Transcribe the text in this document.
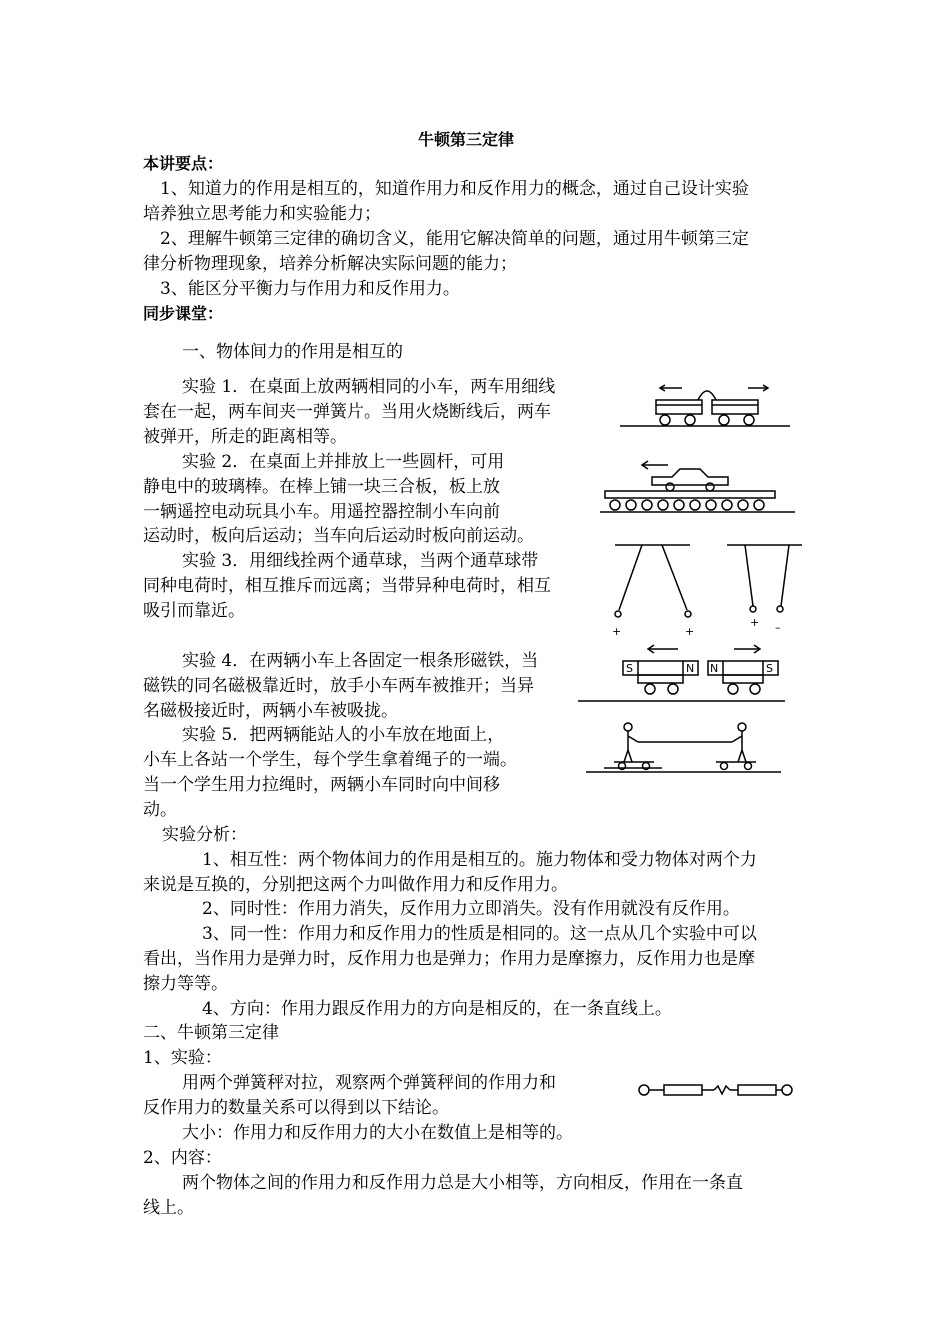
牛顿第三定律
本讲要点：
1、知道力的作用是相互的，知道作用力和反作用力的概念，通过自己设计实验
培养独立思考能力和实验能力；
2、理解牛顿第三定律的确切含义，能用它解决简单的问题，通过用牛顿第三定
律分析物理现象，培养分析解决实际问题的能力；
3、能区分平衡力与作用力和反作用力。
同步课堂：
一、物体间力的作用是相互的
实验 1．在桌面上放两辆相同的小车，两车用细线
套在一起，两车间夹一弹簧片。当用火烧断线后，两车
被弹开，所走的距离相等。
实验 2．在桌面上并排放上一些圆杆，可用
静电中的玻璃棒。在棒上铺一块三合板，板上放
一辆遥控电动玩具小车。用遥控器控制小车向前
运动时，板向后运动；当车向后运动时板向前运动。
实验 3．用细线拴两个通草球，当两个通草球带
同种电荷时，相互推斥而远离；当带异种电荷时，相互
吸引而靠近。
实验 4．在两辆小车上各固定一根条形磁铁，当
磁铁的同名磁极靠近时，放手小车两车被推开；当异
名磁极接近时，两辆小车被吸拢。
实验 5．把两辆能站人的小车放在地面上，
小车上各站一个学生，每个学生拿着绳子的一端。
当一个学生用力拉绳时，两辆小车同时向中间移
动。
实验分析：
1、相互性：两个物体间力的作用是相互的。施力物体和受力物体对两个力
来说是互换的，分别把这两个力叫做作用力和反作用力。
2、同时性：作用力消失，反作用力立即消失。没有作用就没有反作用。
3、同一性：作用力和反作用力的性质是相同的。这一点从几个实验中可以
看出，当作用力是弹力时，反作用力也是弹力；作用力是摩擦力，反作用力也是摩
擦力等等。
4、方向：作用力跟反作用力的方向是相反的，在一条直线上。
二、牛顿第三定律
1、实验：
用两个弹簧秤对拉，观察两个弹簧秤间的作用力和
反作用力的数量关系可以得到以下结论。
大小：作用力和反作用力的大小在数值上是相等的。
2、内容：
两个物体之间的作用力和反作用力总是大小相等，方向相反，作用在一条直
线上。
+	+
+ –
S	N N	S
